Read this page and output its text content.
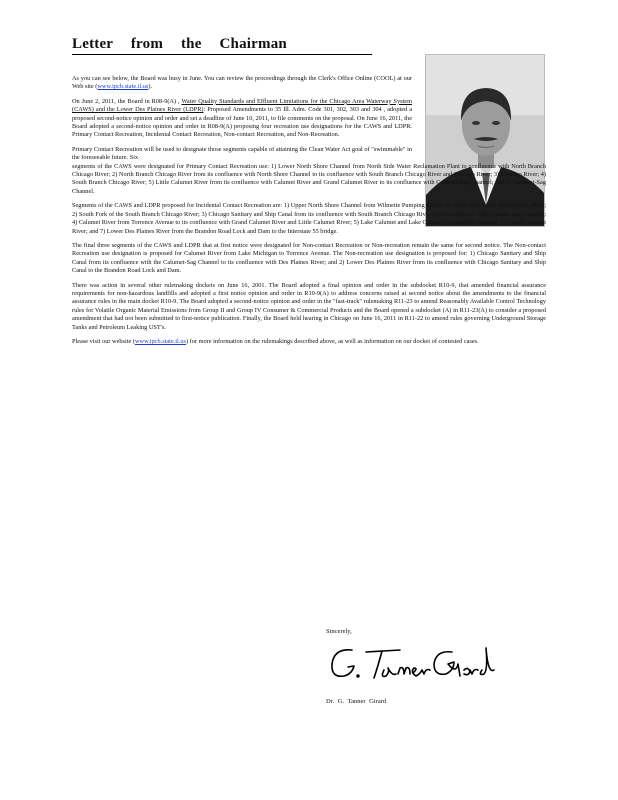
Letter from the Chairman

As you can see below, the Board was busy in June. You can review the proceedings through the Clerk's Office Online (COOL) at our Web site (www.ipcb.state.il.us).

On June 2, 2011, the Board in R08-9(A) , Water Quality Standards and Effluent Limitations for the Chicago Area Waterway System (CAWS) and the Lower Des Plaines River (LDPR): Proposed Amendments to 35 Ill. Adm. Code 301, 302, 303 and 304 , adopted a proposed second-notice opinion and order and set a deadline of June 10, 2011, to file comments on the proposal. On June 16, 2011, the Board adopted a second-notice opinion and order in R08-9(A) proposing four recreation use designations for the CAWS and LDPR. Primary Contact Recreation, Incidental Contact Recreation, Non-contact Recreation, and Non-Recreation.

Primary Contact Recreation will be used to designate those segments capable of attaining the Clean Water Act goal of "swimmable" in the foreseeable future. Six
segments of the CAWS were designated for Primary Contact Recreation use: 1) Lower North Shore Channel from North Side Water Reclamation Plant to confluence with North Branch Chicago River; 2) North Branch Chicago River from its confluence with North Shore Channel to its confluence with South Branch Chicago River and Chicago River; 3) Chicago River; 4) South Branch Chicago River; 5) Little Calumet River from its confluence with Calumet River and Grand Calumet River to its confluence with Calumet-Sag Channel; and 6) Calumet-Sag Channel.

Segments of the CAWS and LDPR proposed for Incidental Contact Recreation are: 1) Upper North Shore Channel from Wilmette Pumping Station to North Side Water Reclamation Plant; 2) South Fork of the South Branch Chicago River; 3) Chicago Sanitary and Ship Canal from its confluence with South Branch Chicago River to its confluence with Calumet-Sag Channel; 4) Calumet River from Torrence Avenue to its confluence with Grand Calumet River and Little Calumet River; 5) Lake Calumet and Lake Calumet Connecting Channel; 6) Grand Calumet River; and 7) Lower Des Plaines River from the Brandon Road Lock and Dam to the Interstate 55 bridge.

The final three segments of the CAWS and LDPR that at first notice were designated for Non-contact Recreation or Non-recreation remain the same for second notice. The Non-contact Recreation use designation is proposed for Calumet River from Lake Michigan to Torrence Avenue. The Non-recreation use designation is proposed for: 1) Chicago Sanitary and Ship Canal from its confluence with the Calumet-Sag Channel to its confluence with Des Plaines River; and 2) Lower Des Plaines River from its confluence with Chicago Sanitary and Ship Canal to the Brandon Road Lock and Dam.

There was action in several other rulemaking dockets on June 16, 2001. The Board adopted a final opinion and order in the subdocket R10-9, that amended financial assurance requirements for non-hazardous landfills and adopted a first notice opinion and order in R10-9(A) to address concerns raised at second notice about the amendments to the financial assurance rules in the main docket R10-9. The Board adopted a second-notice opinion and order in the "fast-track" rulemaking R11-23 to amend Reasonably Available Control Technology rules for Volatile Organic Material Emissions from Group II and Group IV Consumer & Commercial Products and the Board opened a subdocket (A) in R11-23(A) to consider a proposed amendment that had not been submitted to first-notice publication. Finally, the Board held hearing in Chicago on June 16, 2011 in R11-22 to amend rules governing Underground Storage Tanks and Petroleum Leaking UST's.

Please visit our website (www.ipcb.state.il.us) for more information on the rulemakings described above, as well as information on our docket of contested cases.

Sincerely,
Dr. G. Tanner Girard
